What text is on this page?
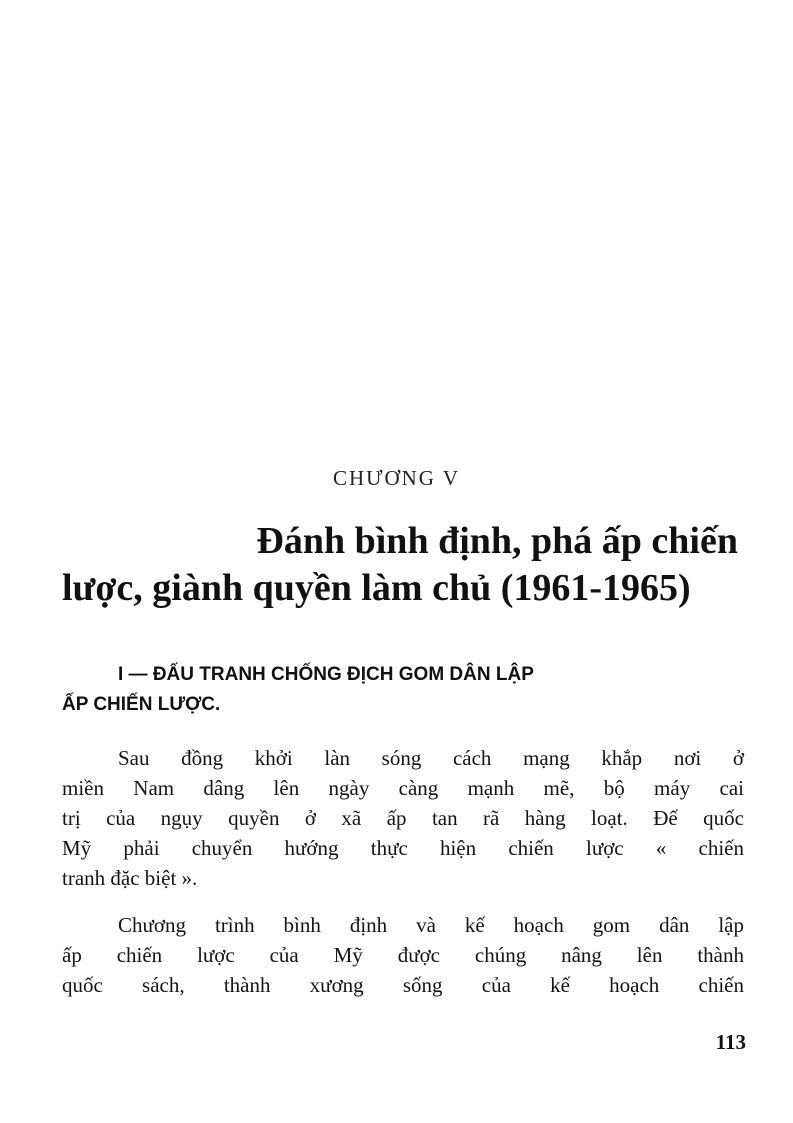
CHƯƠNG V
Đánh bình định, phá ấp chiến
lược, giành quyền làm chủ (1961-1965)
I — ĐẤU TRANH CHỐNG ĐỊCH GOM DÂN LẬP
ẤP CHIẾN LƯỢC.
Sau đồng khởi làn sóng cách mạng khắp nơi ở
miền Nam dâng lên ngày càng mạnh mẽ, bộ máy cai
trị của ngụy quyền ở xã ấp tan rã hàng loạt. Đế quốc
Mỹ phải chuyển hướng thực hiện chiến lược « chiến
tranh đặc biệt ».
Chương trình bình định và kế hoạch gom dân lập
ấp chiến lược của Mỹ được chúng nâng lên thành
quốc sách, thành xương sống của kế hoạch chiến
113
